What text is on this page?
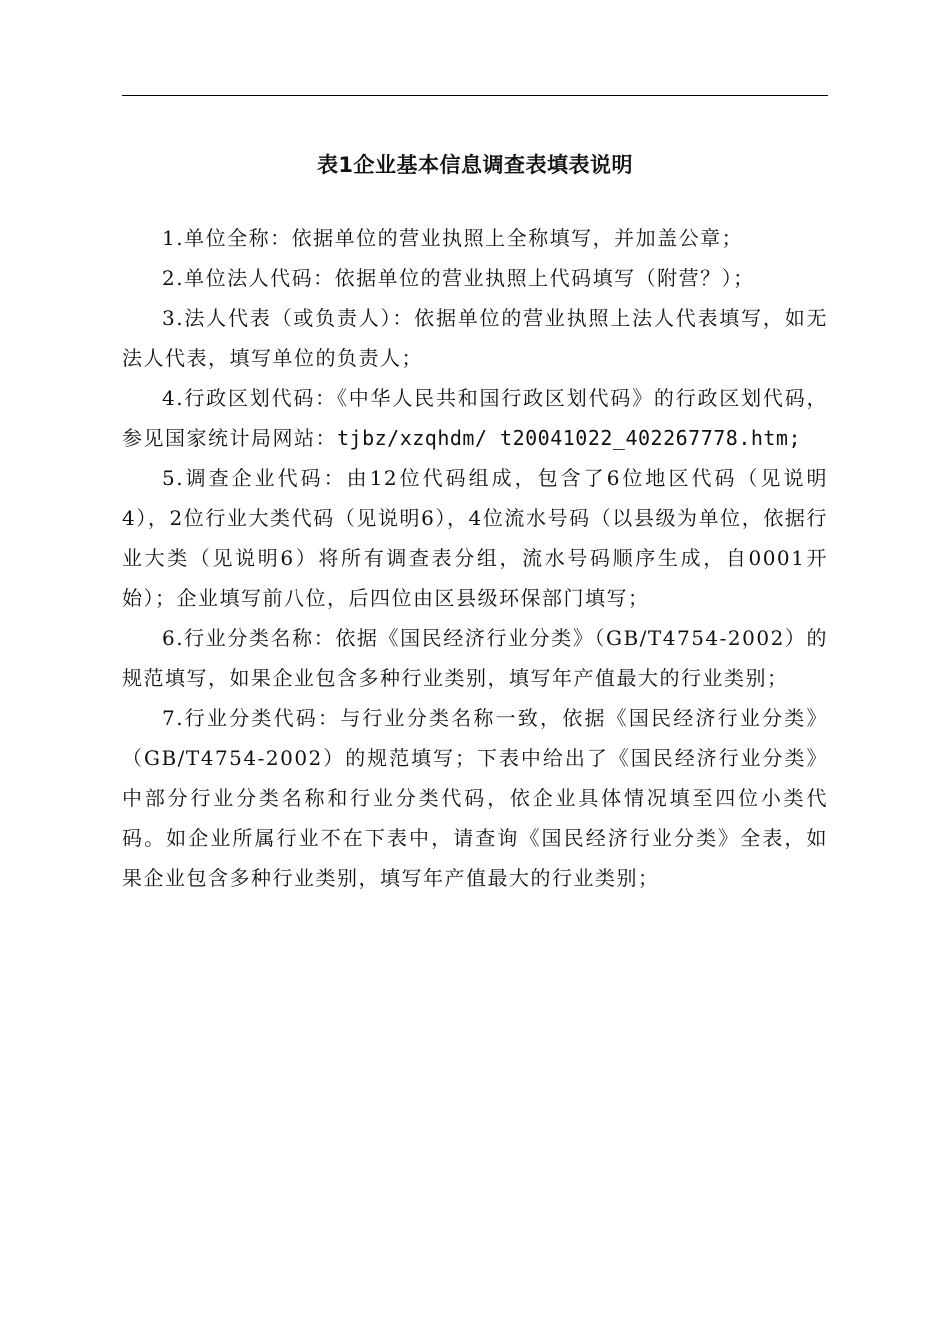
表1企业基本信息调查表填表说明

1.单位全称：依据单位的营业执照上全称填写，并加盖公章；

2.单位法人代码：依据单位的营业执照上代码填写（附营？）；

3.法人代表（或负责人）：依据单位的营业执照上法人代表填写，如无法人代表，填写单位的负责人；

4.行政区划代码：《中华人民共和国行政区划代码》的行政区划代码，参见国家统计局网站：tjbz/xzqhdm/ t20041022_402267778.htm;

5.调查企业代码：由12位代码组成，包含了6位地区代码（见说明4），2位行业大类代码（见说明6），4位流水号码（以县级为单位，依据行业大类（见说明6）将所有调查表分组，流水号码顺序生成，自0001开始）；企业填写前八位，后四位由区县级环保部门填写；

6.行业分类名称：依据《国民经济行业分类》（GB/T4754-2002）的规范填写，如果企业包含多种行业类别，填写年产值最大的行业类别；

7.行业分类代码：与行业分类名称一致，依据《国民经济行业分类》（GB/T4754-2002）的规范填写；下表中给出了《国民经济行业分类》中部分行业分类名称和行业分类代码，依企业具体情况填至四位小类代码。如企业所属行业不在下表中，请查询《国民经济行业分类》全表，如果企业包含多种行业类别，填写年产值最大的行业类别；
